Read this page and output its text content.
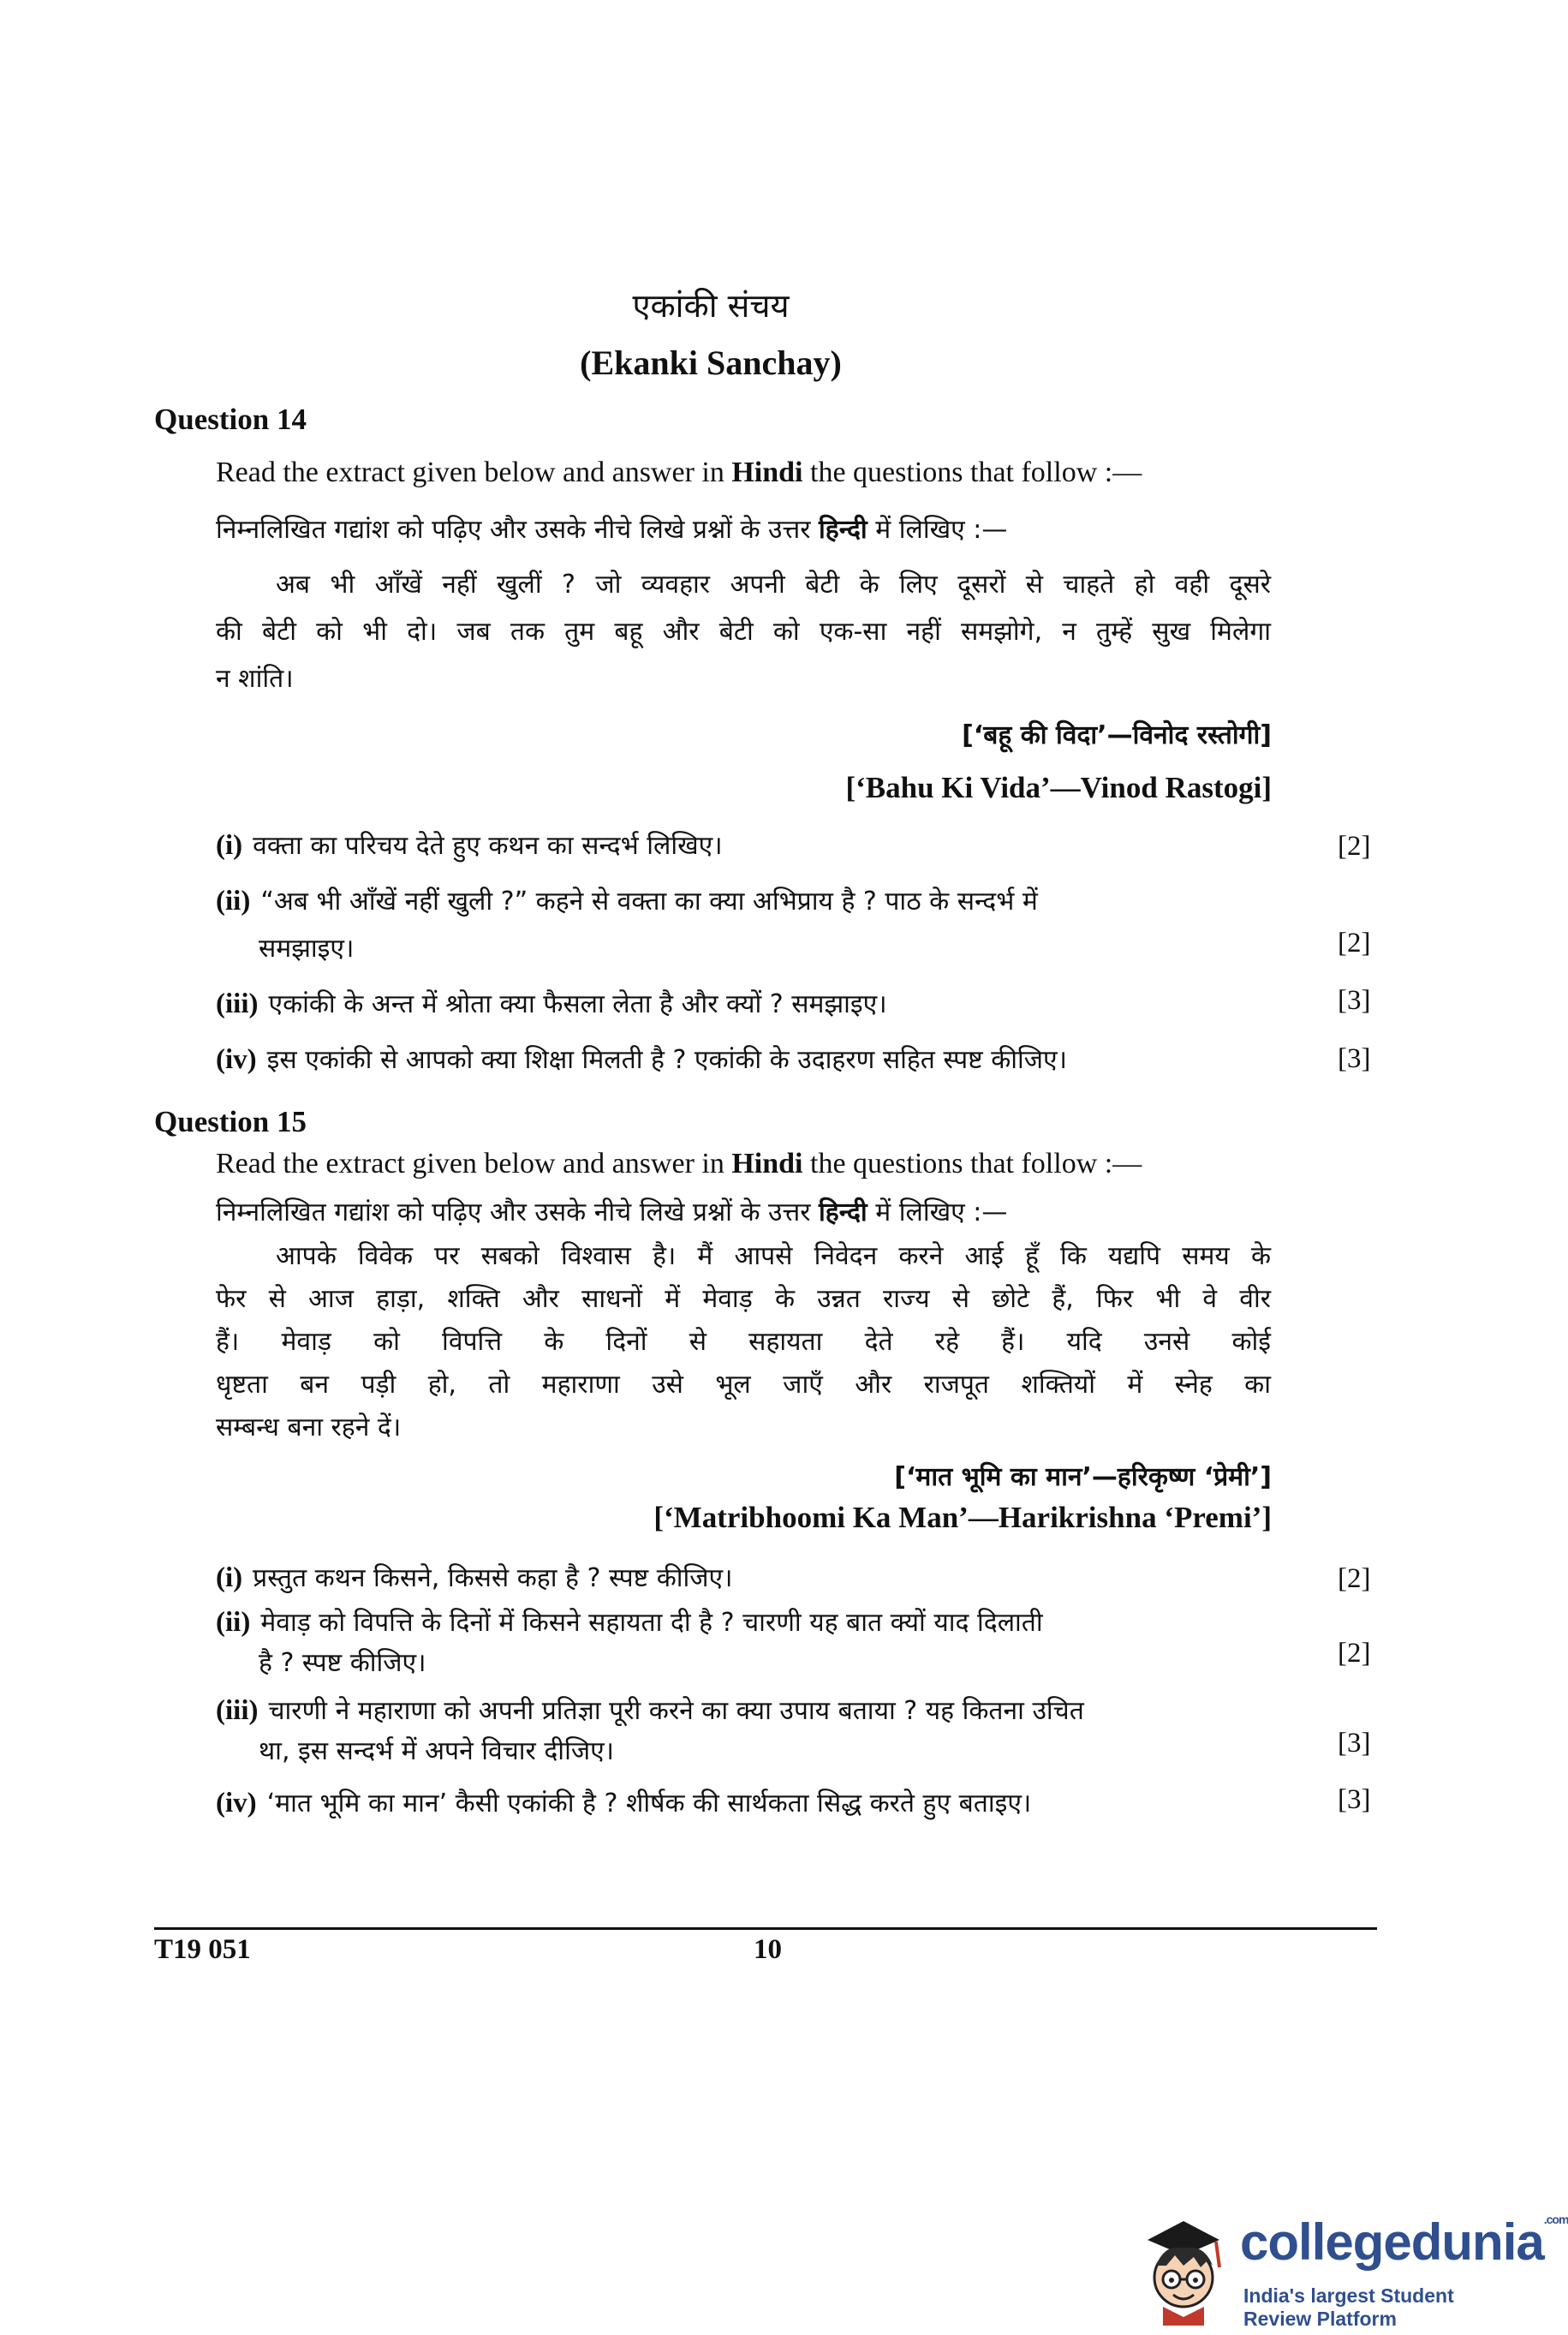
एकांकी संचय
(Ekanki Sanchay)
Question 14
Read the extract given below and answer in Hindi the questions that follow :—
निम्नलिखित गद्यांश को पढ़िए और उसके नीचे लिखे प्रश्नों के उत्तर हिन्दी में लिखिए :—
अब भी आँखें नहीं खुलीं ? जो व्यवहार अपनी बेटी के लिए दूसरों से चाहते हो वही दूसरे
की बेटी को भी दो। जब तक तुम बहू और बेटी को एक-सा नहीं समझोगे, न तुम्हें सुख मिलेगा
न शांति।
[‘बहू की विदा’—विनोद रस्तोगी]
[‘Bahu Ki Vida’—Vinod Rastogi]
(i) वक्ता का परिचय देते हुए कथन का सन्दर्भ लिखिए।	[2]
(ii) “अब भी आँखें नहीं खुली ?” कहने से वक्ता का क्या अभिप्राय है ? पाठ के सन्दर्भ में
समझाइए।	[2]
(iii) एकांकी के अन्त में श्रोता क्या फैसला लेता है और क्यों ? समझाइए।	[3]
(iv) इस एकांकी से आपको क्या शिक्षा मिलती है ? एकांकी के उदाहरण सहित स्पष्ट कीजिए।	[3]
Question 15
Read the extract given below and answer in Hindi the questions that follow :—
निम्नलिखित गद्यांश को पढ़िए और उसके नीचे लिखे प्रश्नों के उत्तर हिन्दी में लिखिए :—
आपके विवेक पर सबको विश्वास है। मैं आपसे निवेदन करने आई हूँ कि यद्यपि समय के
फेर से आज हाड़ा, शक्ति और साधनों में मेवाड़ के उन्नत राज्य से छोटे हैं, फिर भी वे वीर
हैं। मेवाड़ को विपत्ति के दिनों से सहायता देते रहे हैं। यदि उनसे कोई
धृष्टता बन पड़ी हो, तो महाराणा उसे भूल जाएँ और राजपूत शक्तियों में स्नेह का
सम्बन्ध बना रहने दें।
[‘मात भूमि का मान’—हरिकृष्ण ‘प्रेमी’]
[‘Matribhoomi Ka Man’—Harikrishna ‘Premi’]
(i) प्रस्तुत कथन किसने, किससे कहा है ? स्पष्ट कीजिए।	[2]
(ii) मेवाड़ को विपत्ति के दिनों में किसने सहायता दी है ? चारणी यह बात क्यों याद दिलाती
है ? स्पष्ट कीजिए।	[2]
(iii) चारणी ने महाराणा को अपनी प्रतिज्ञा पूरी करने का क्या उपाय बताया ? यह कितना उचित
था, इस सन्दर्भ में अपने विचार दीजिए।	[3]
(iv) ‘मात भूमि का मान’ कैसी एकांकी है ? शीर्षक की सार्थकता सिद्ध करते हुए बताइए।	[3]
T19 051	10
collegedunia$^{.com}$
India's largest Student Review Platform
